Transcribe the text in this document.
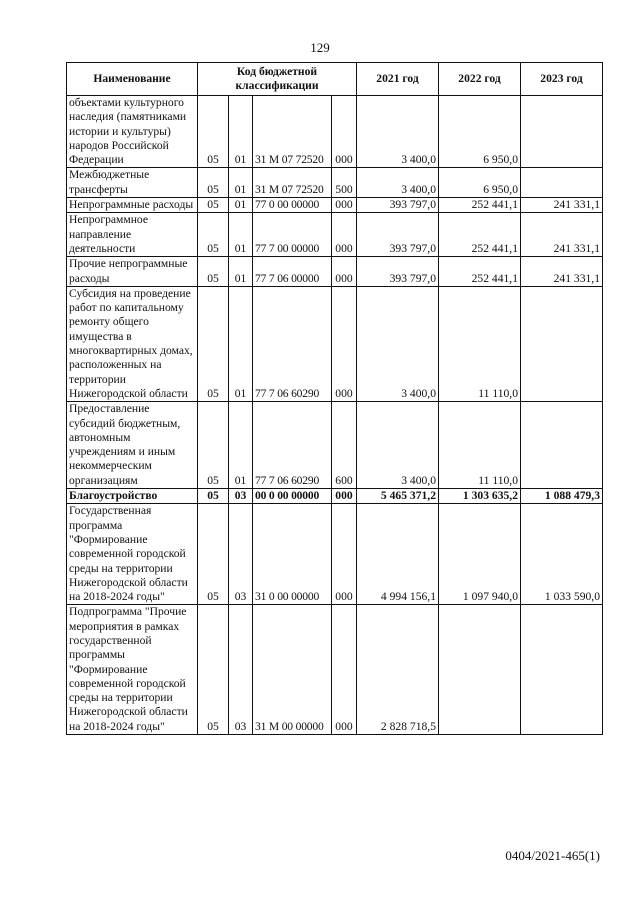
129
Наименование	Код бюджетной классификации				2021 год	2022 год	2023 год
объектами культурного наследия (памятниками истории и культуры) народов Российской Федерации	05	01	31 М 07 72520	000	3 400,0	6 950,0	
Межбюджетные трансферты	05	01	31 М 07 72520	500	3 400,0	6 950,0	
Непрограммные расходы	05	01	77 0 00 00000	000	393 797,0	252 441,1	241 331,1
Непрограммное направление деятельности	05	01	77 7 00 00000	000	393 797,0	252 441,1	241 331,1
Прочие непрограммные расходы	05	01	77 7 06 00000	000	393 797,0	252 441,1	241 331,1
Субсидия на проведение работ по капитальному ремонту общего имущества в многоквартирных домах, расположенных на территории Нижегородской области	05	01	77 7 06 60290	000	3 400,0	11 110,0	
Предоставление субсидий бюджетным, автономным учреждениям и иным некоммерческим организациям	05	01	77 7 06 60290	600	3 400,0	11 110,0	
Благоустройство	05	03	00 0 00 00000	000	5 465 371,2	1 303 635,2	1 088 479,3
Государственная программа "Формирование современной городской среды на территории Нижегородской области на 2018-2024 годы"	05	03	31 0 00 00000	000	4 994 156,1	1 097 940,0	1 033 590,0
Подпрограмма "Прочие мероприятия в рамках государственной программы "Формирование современной городской среды на территории Нижегородской области на 2018-2024 годы"	05	03	31 М 00 00000	000	2 828 718,5		
0404/2021-465(1)
